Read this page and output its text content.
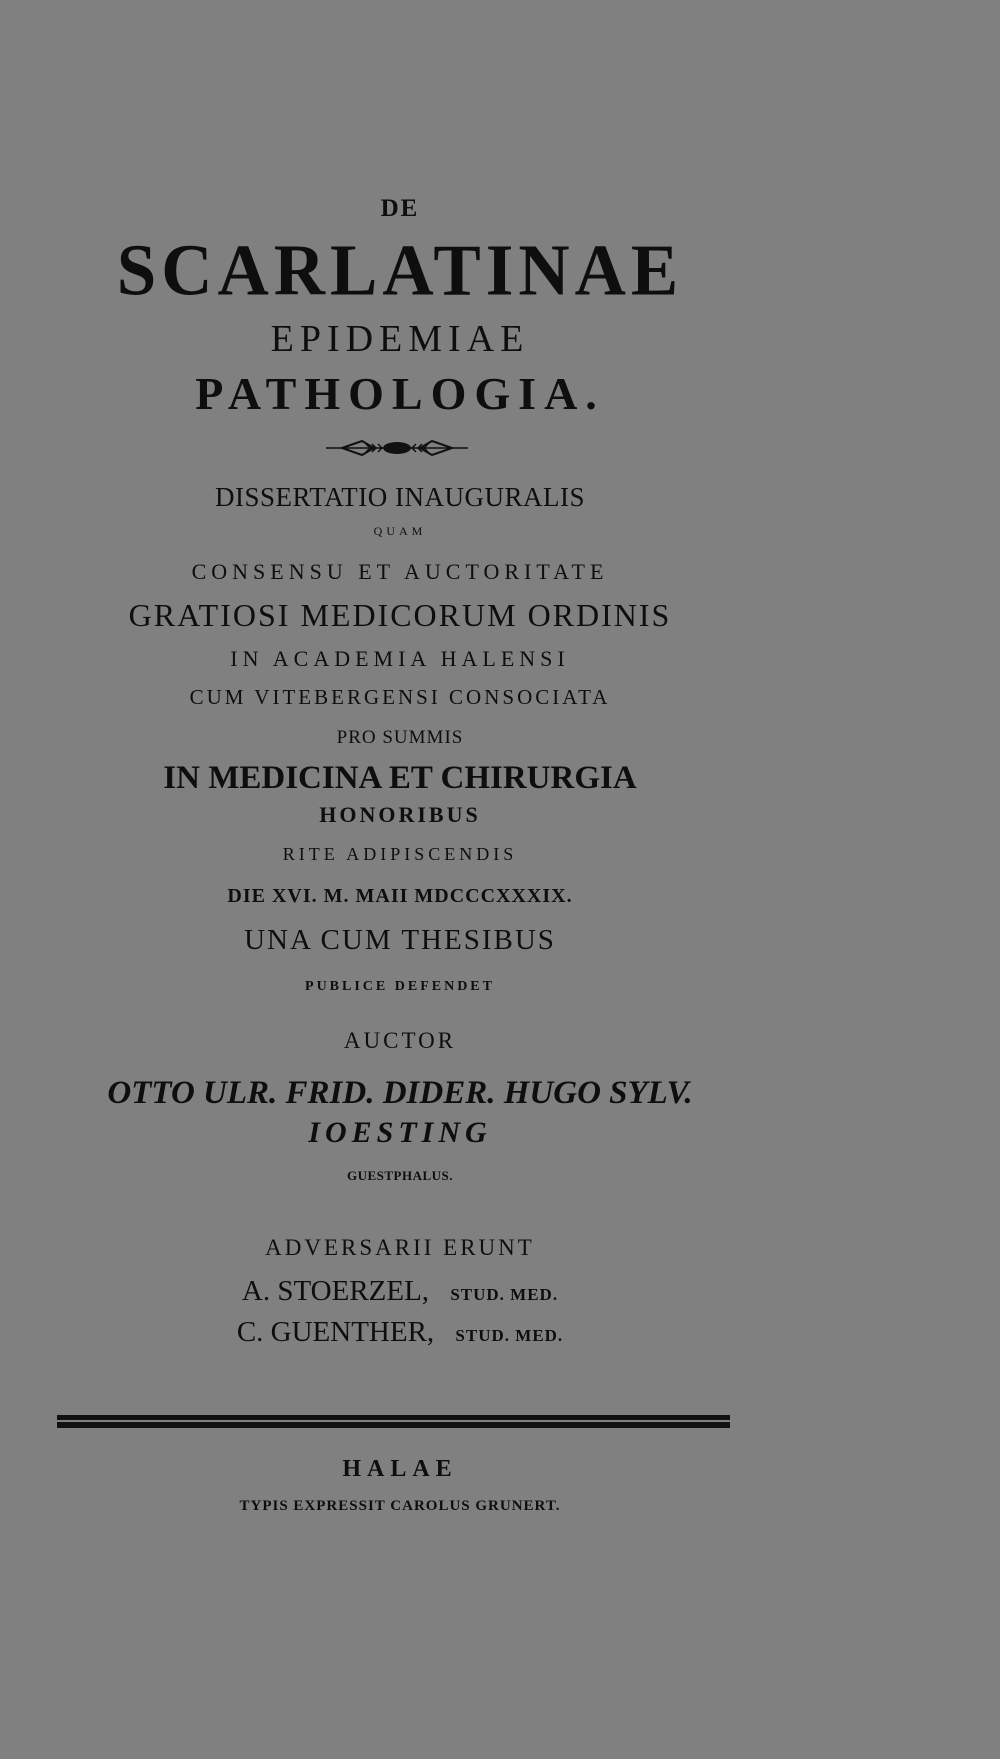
DE
SCARLATINAE
EPIDEMIAE
PATHOLOGIA.
DISSERTATIO INAUGURALIS
QUAM
CONSENSU ET AUCTORITATE
GRATIOSI MEDICORUM ORDINIS
IN ACADEMIA HALENSI
CUM VITEBERGENSI CONSOCIATA
PRO SUMMIS
IN MEDICINA ET CHIRURGIA
HONORIBUS
RITE ADIPISCENDIS
DIE XVI. M. MAII MDCCCXXXIX.
UNA CUM THESIBUS
PUBLICE DEFENDET
AUCTOR
OTTO ULR. FRID. DIDER. HUGO SYLV.
IOESTING
GUESTPHALUS.
ADVERSARII ERUNT
A. STOERZEL, STUD. MED.
C. GUENTHER, STUD. MED.
HALAE
TYPIS EXPRESSIT CAROLUS GRUNERT.
